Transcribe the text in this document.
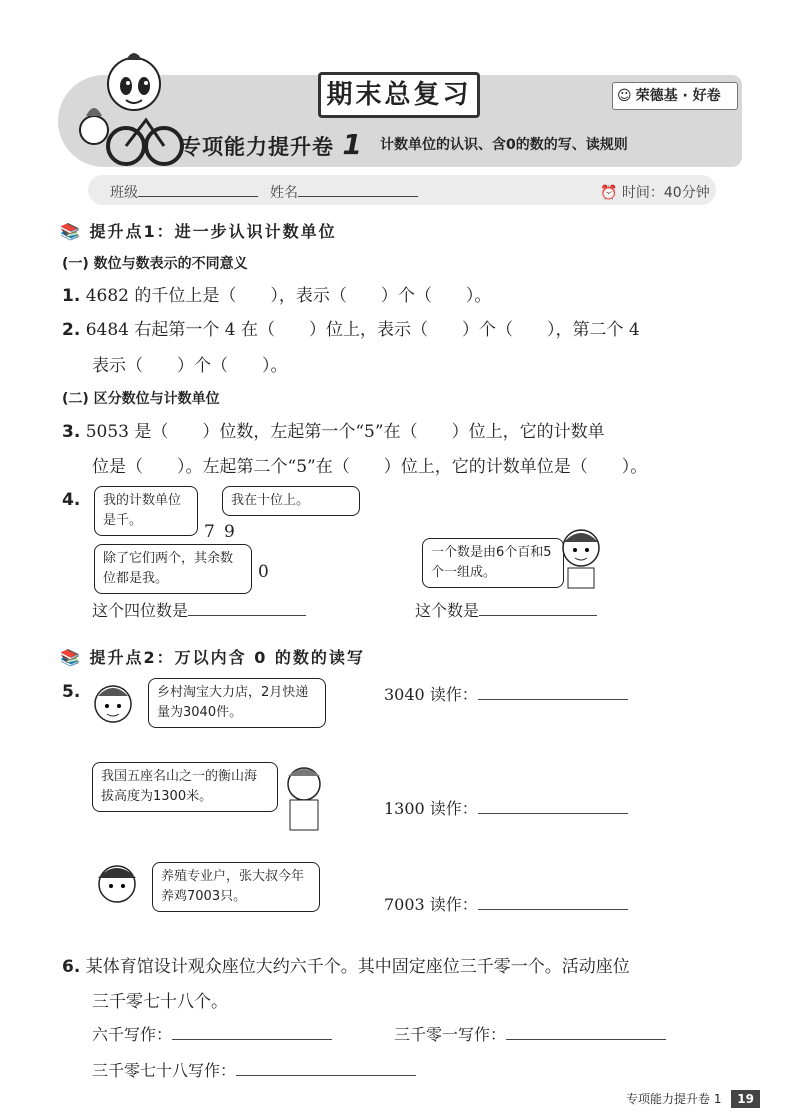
期末总复习	☺ 荣德基 · 好卷
专项能力提升卷 1 计数单位的认识、含0的数的写、读规则
班级	姓名	⏰ 时间：40分钟
📚 提升点1：进一步认识计数单位
(一) 数位与数表示的不同意义
1. 4682 的千位上是（　　），表示（　　）个（　　）。
2. 6484 右起第一个 4 在（　　）位上，表示（　　）个（　　），第二个 4
表示（　　）个（　　）。
(二) 区分数位与计数单位
3. 5053 是（　　）位数，左起第一个“5”在（　　）位上，它的计数单
位是（　　）。左起第二个“5”在（　　）位上，它的计数单位是（　　）。
4.	我的计数单位是千。
7
我在十位上。
9
除了它们两个，其余数位都是我。	0
一个数是由6个百和5个一组成。
这个四位数是	这个数是
📚 提升点2：万以内含 0 的数的读写
5.	乡村淘宝大力店，2月快递量为3040件。
3040 读作：
我国五座名山之一的衡山海拔高度为1300米。
1300 读作：
养殖专业户，张大叔今年养鸡7003只。	7003 读作：
6. 某体育馆设计观众座位大约六千个。其中固定座位三千零一个。活动座位
三千零七十八个。
六千写作：	三千零一写作：
三千零七十八写作：
专项能力提升卷 1 19
